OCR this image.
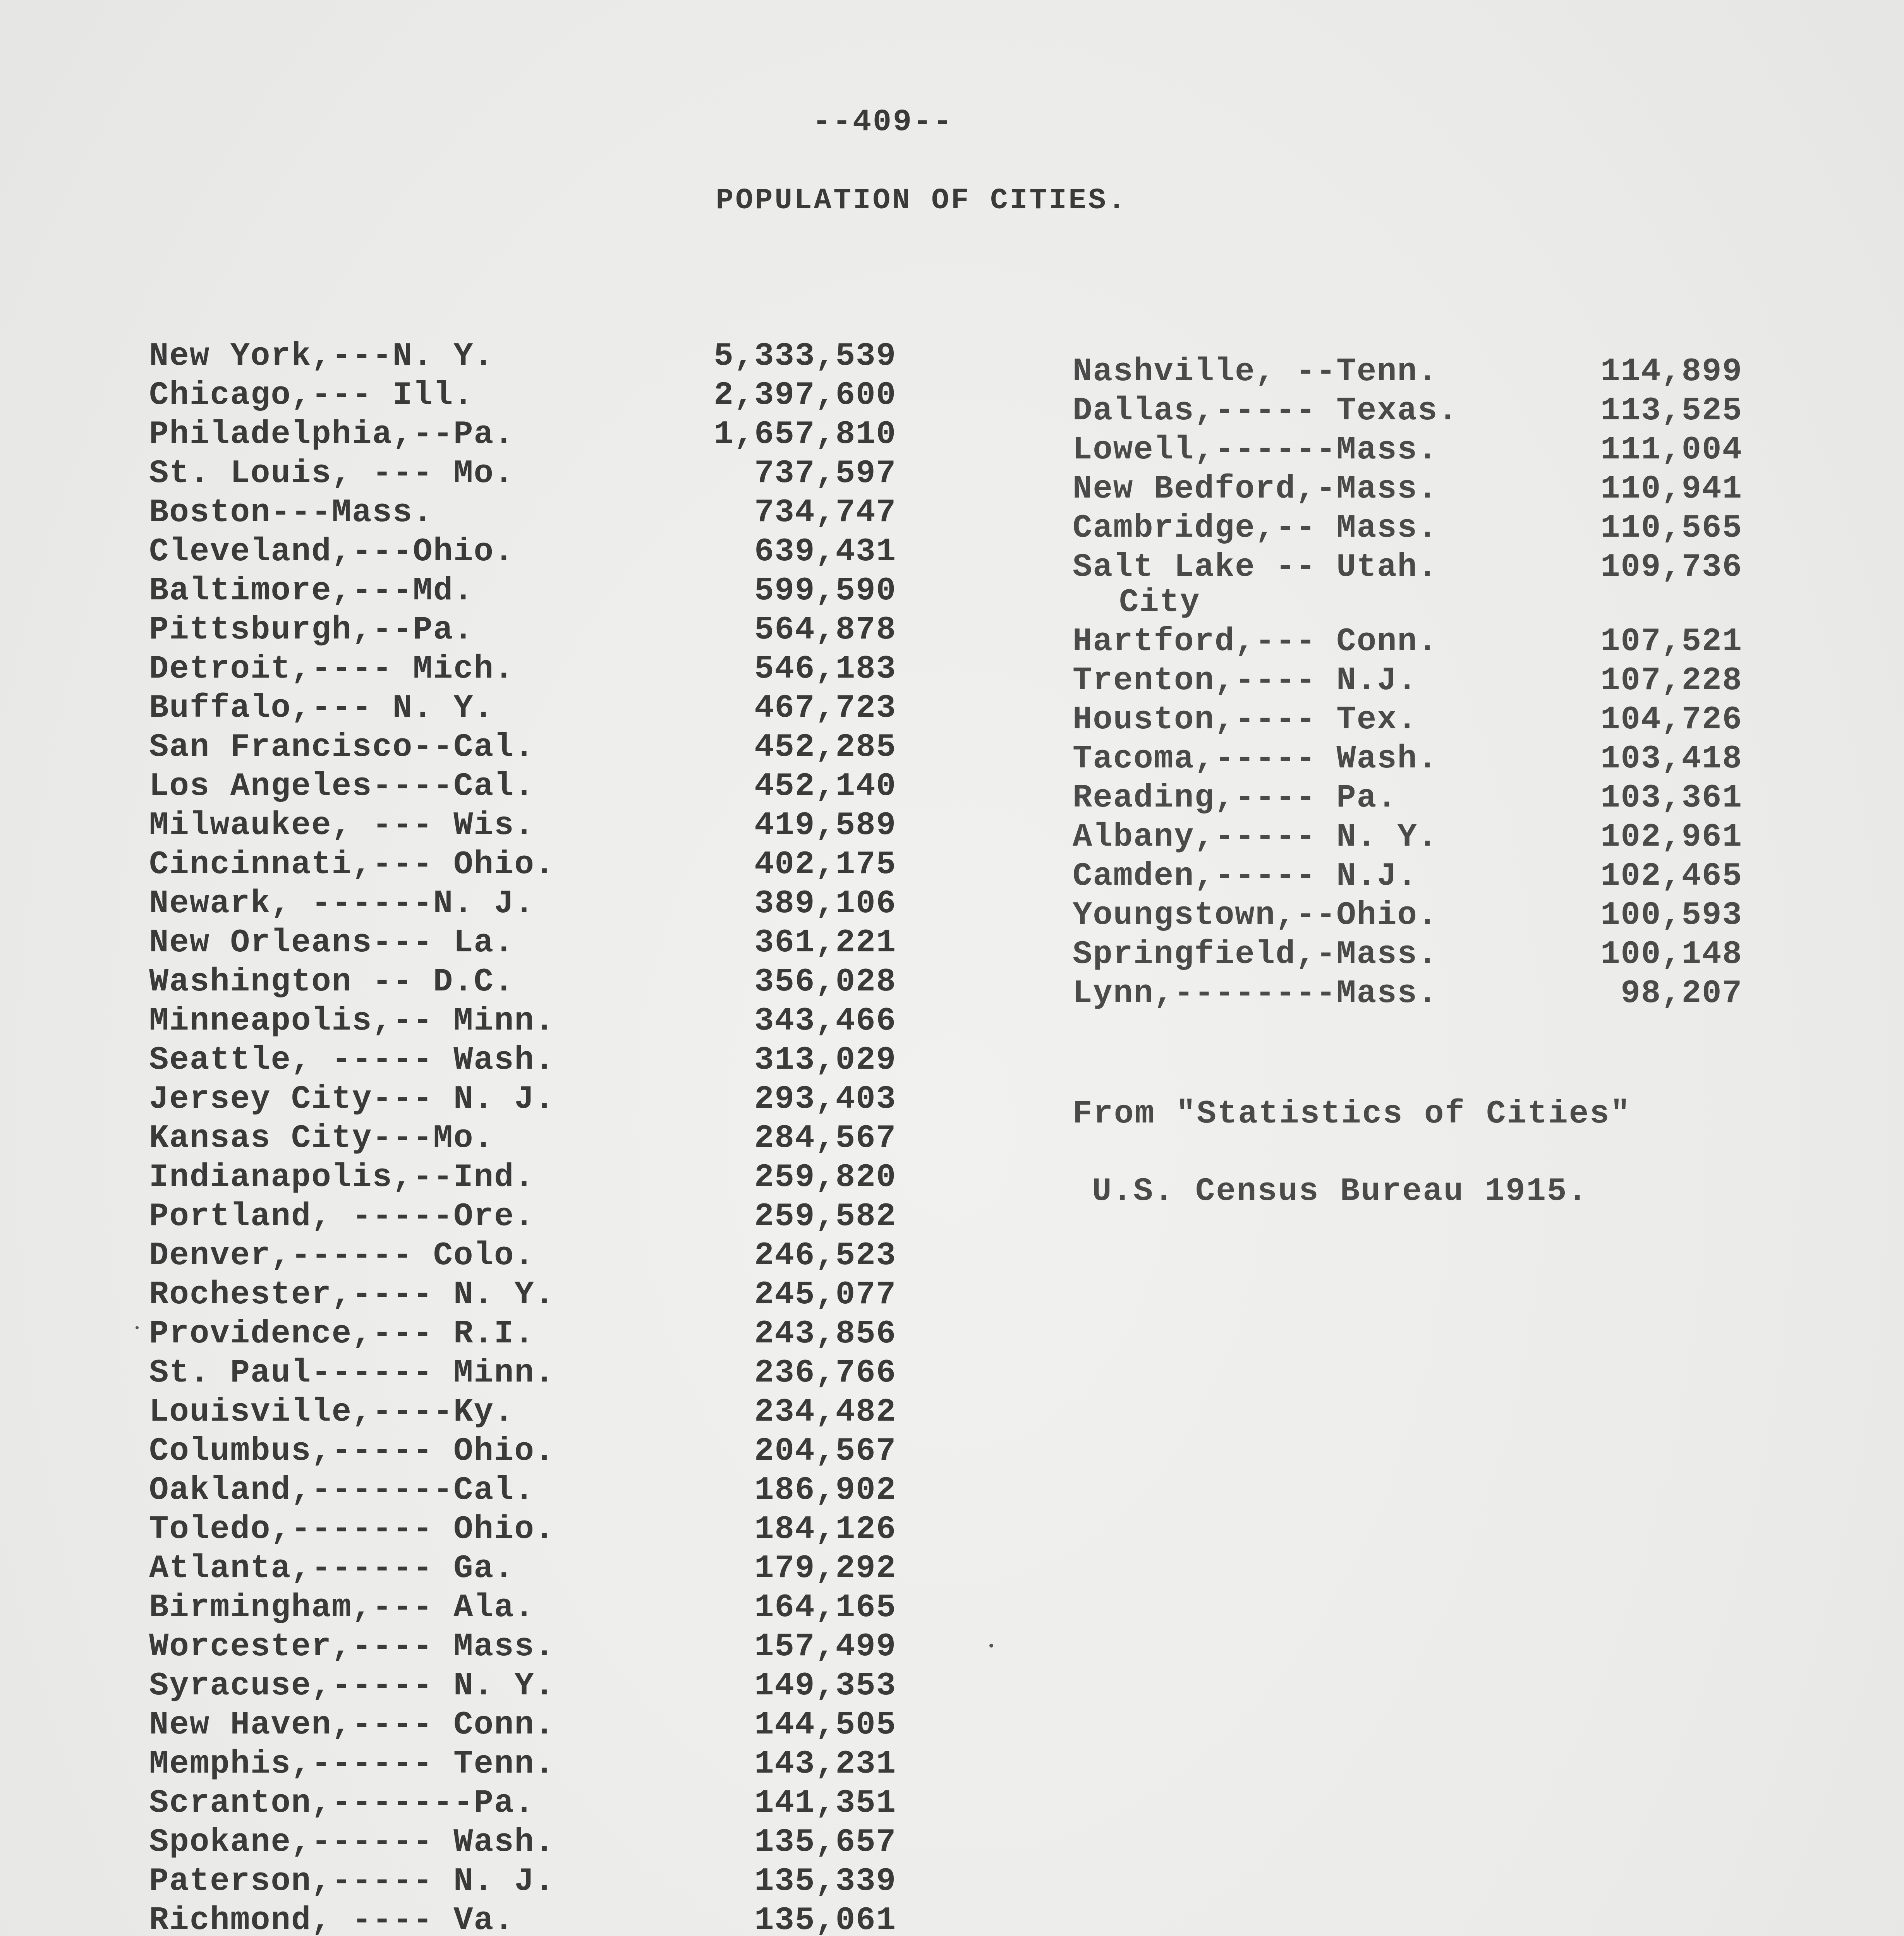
--409--
POPULATION OF CITIES.
New York,---N. Y.	5,333,539
Chicago,--- Ill.	2,397,600
Philadelphia,--Pa.	1,657,810
St. Louis, --- Mo.	737,597
Boston---Mass.	734,747
Cleveland,---Ohio.	639,431
Baltimore,---Md.	599,590
Pittsburgh,--Pa.	564,878
Detroit,---- Mich.	546,183
Buffalo,--- N. Y.	467,723
San Francisco--Cal.	452,285
Los Angeles----Cal.	452,140
Milwaukee, --- Wis.	419,589
Cincinnati,--- Ohio.	402,175
Newark, ------N. J.	389,106
New Orleans--- La.	361,221
Washington -- D.C.	356,028
Minneapolis,-- Minn.	343,466
Seattle, ----- Wash.	313,029
Jersey City--- N. J.	293,403
Kansas City---Mo.	284,567
Indianapolis,--Ind.	259,820
Portland, -----Ore.	259,582
Denver,------ Colo.	246,523
Rochester,---- N. Y.	245,077
Providence,--- R.I.	243,856
St. Paul------ Minn.	236,766
Louisville,----Ky.	234,482
Columbus,----- Ohio.	204,567
Oakland,-------Cal.	186,902
Toledo,------- Ohio.	184,126
Atlanta,------ Ga.	179,292
Birmingham,--- Ala.	164,165
Worcester,---- Mass.	157,499
Syracuse,----- N. Y.	149,353
New Haven,---- Conn.	144,505
Memphis,------ Tenn.	143,231
Scranton,-------Pa.	141,351
Spokane,------ Wash.	135,657
Paterson,----- N. J.	135,339
Richmond, ---- Va.	135,061
Nashville, --Tenn.	114,899
Dallas,----- Texas.	113,525
Lowell,------Mass.	111,004
New Bedford,-Mass.	110,941
Cambridge,-- Mass.	110,565
Salt Lake -- Utah.	109,736
City
Hartford,--- Conn.	107,521
Trenton,---- N.J.	107,228
Houston,---- Tex.	104,726
Tacoma,----- Wash.	103,418
Reading,---- Pa.	103,361
Albany,----- N. Y.	102,961
Camden,----- N.J.	102,465
Youngstown,--Ohio.	100,593
Springfield,-Mass.	100,148
Lynn,--------Mass.	98,207
From "Statistics of Cities"
U.S. Census Bureau 1915.
